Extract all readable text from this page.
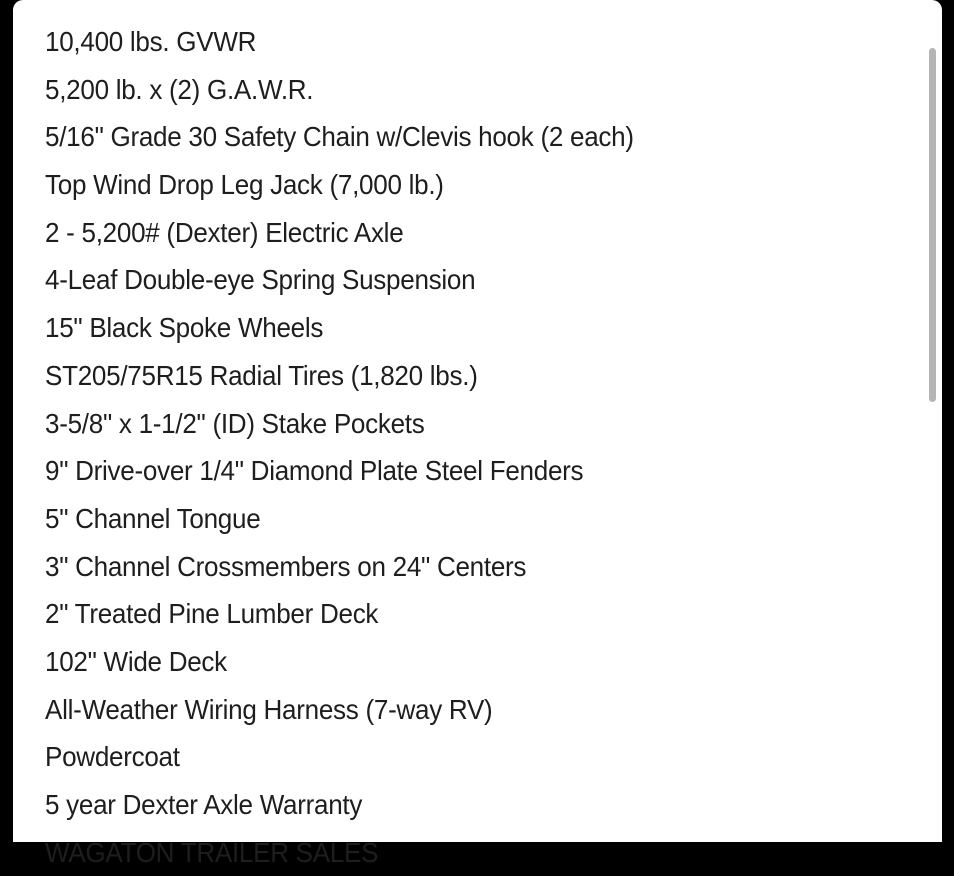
10,400 lbs. GVWR
5,200 lb. x (2) G.A.W.R.
5/16" Grade 30 Safety Chain w/Clevis hook (2 each)
Top Wind Drop Leg Jack (7,000 lb.)
2 - 5,200# (Dexter) Electric Axle
4-Leaf Double-eye Spring Suspension
15" Black Spoke Wheels
ST205/75R15 Radial Tires (1,820 lbs.)
3-5/8" x 1-1/2" (ID) Stake Pockets
9" Drive-over 1/4" Diamond Plate Steel Fenders
5" Channel Tongue
3" Channel Crossmembers on 24" Centers
2" Treated Pine Lumber Deck
102" Wide Deck
All-Weather Wiring Harness (7-way RV)
Powdercoat
5 year Dexter Axle Warranty
WAGATON TRAILER SALES
